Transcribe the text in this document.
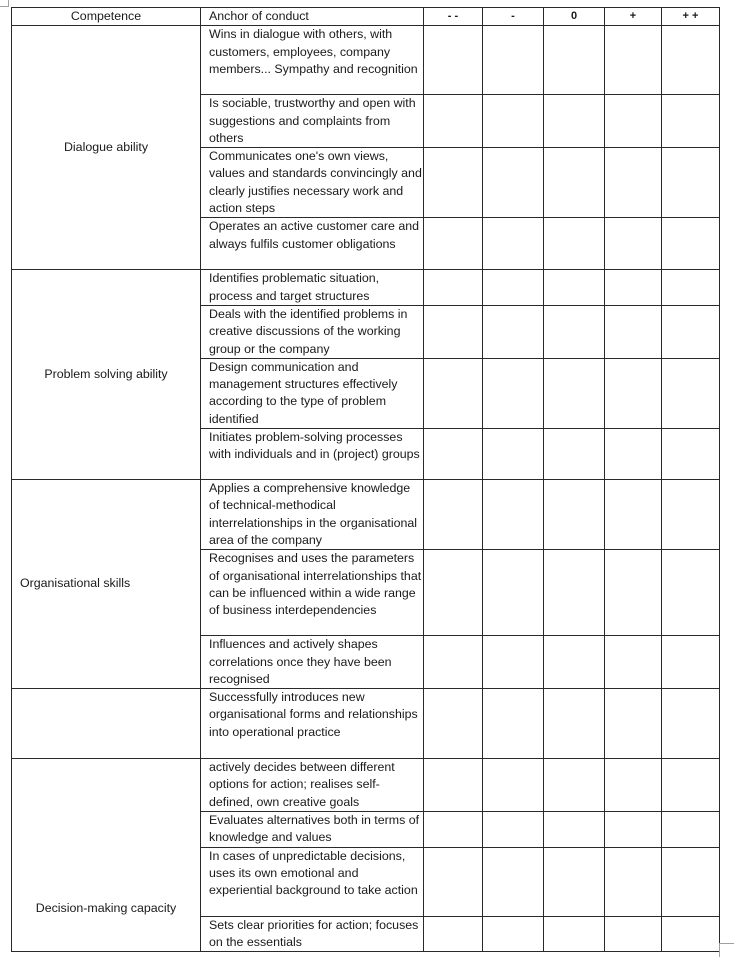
Competence	Anchor of conduct	- -	-	0	+	+ +
Dialogue ability	Wins in dialogue with others, with customers, employees, company members... Sympathy and recognition					
	Is sociable, trustworthy and open with suggestions and complaints from others					
	Communicates one's own views, values and standards convincingly and clearly justifies necessary work and action steps					
	Operates an active customer care and always fulfils customer obligations					
Problem solving ability	Identifies problematic situation, process and target structures					
	Deals with the identified problems in creative discussions of the working group or the company					
	Design communication and management structures effectively according to the type of problem identified					
	Initiates problem-solving processes with individuals and in (project) groups					
Organisational skills	Applies a comprehensive knowledge of technical-methodical interrelationships in the organisational area of the company					
	Recognises and uses the parameters of organisational interrelationships that can be influenced within a wide range of business interdependencies					
	Influences and actively shapes correlations once they have been recognised					
	Successfully introduces new organisational forms and relationships into operational practice					
Decision-making capacity	actively decides between different options for action; realises self-defined, own creative goals					
	Evaluates alternatives both in terms of knowledge and values					
	In cases of unpredictable decisions, uses its own emotional and experiential background to take action					
	Sets clear priorities for action; focuses on the essentials					
